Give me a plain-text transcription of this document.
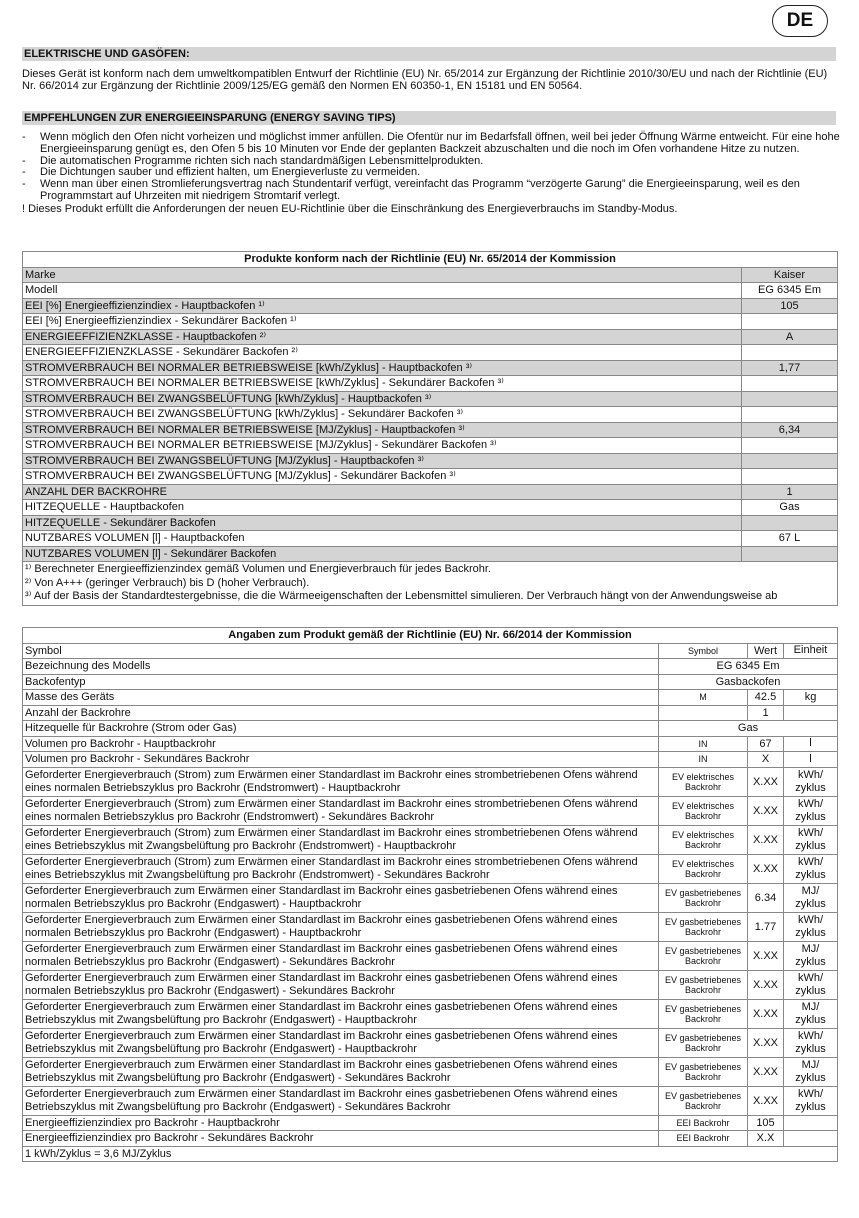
DE
ELEKTRISCHE UND GASÖFEN:
Dieses Gerät ist konform nach dem umweltkompatiblen Entwurf der Richtlinie (EU) Nr. 65/2014 zur Ergänzung der Richtlinie 2010/30/EU und nach der Richtlinie (EU) Nr. 66/2014 zur Ergänzung der Richtlinie 2009/125/EG gemäß den Normen EN 60350-1, EN 15181 und EN 50564.
EMPFEHLUNGEN ZUR ENERGIEEINSPARUNG (ENERGY SAVING TIPS)
-	Wenn möglich den Ofen nicht vorheizen und möglichst immer anfüllen. Die Ofentür nur im Bedarfsfall öffnen, weil bei jeder Öffnung Wärme entweicht. Für eine hohe Energieeinsparung genügt es, den Ofen 5 bis 10 Minuten vor Ende der geplanten Backzeit abzuschalten und die noch im Ofen vorhandene Hitze zu nutzen.
-	Die automatischen Programme richten sich nach standardmäßigen Lebensmittelprodukten.
-	Die Dichtungen sauber und effizient halten, um Energieverluste zu vermeiden.
-	Wenn man über einen Stromlieferungsvertrag nach Stundentarif verfügt, vereinfacht das Programm “verzögerte Garung” die Energieeinsparung, weil es den Programmstart auf Uhrzeiten mit niedrigem Stromtarif verlegt.
! Dieses Produkt erfüllt die Anforderungen der neuen EU-Richtlinie über die Einschränkung des Energieverbrauchs im Standby-Modus.
Produkte konform nach der Richtlinie (EU) Nr. 65/2014 der Kommission	
Marke	Kaiser
Modell	EG 6345 Em
EEI [%] Energieeffizienzindiex - Hauptbackofen ¹⁾	105
EEI [%] Energieeffizienzindiex - Sekundärer Backofen ¹⁾	
ENERGIEEFFIZIENZKLASSE - Hauptbackofen ²⁾	A
ENERGIEEFFIZIENZKLASSE - Sekundärer Backofen ²⁾	
STROMVERBRAUCH BEI NORMALER BETRIEBSWEISE [kWh/Zyklus] - Hauptbackofen ³⁾	1,77
STROMVERBRAUCH BEI NORMALER BETRIEBSWEISE [kWh/Zyklus] - Sekundärer Backofen ³⁾	
STROMVERBRAUCH BEI ZWANGSBELÜFTUNG [kWh/Zyklus] - Hauptbackofen ³⁾	
STROMVERBRAUCH BEI ZWANGSBELÜFTUNG [kWh/Zyklus] - Sekundärer Backofen ³⁾	
STROMVERBRAUCH BEI NORMALER BETRIEBSWEISE [MJ/Zyklus] - Hauptbackofen ³⁾	6,34
STROMVERBRAUCH BEI NORMALER BETRIEBSWEISE [MJ/Zyklus] - Sekundärer Backofen ³⁾	
STROMVERBRAUCH BEI ZWANGSBELÜFTUNG [MJ/Zyklus] - Hauptbackofen ³⁾	
STROMVERBRAUCH BEI ZWANGSBELÜFTUNG [MJ/Zyklus] - Sekundärer Backofen ³⁾	
ANZAHL DER BACKROHRE	1
HITZEQUELLE - Hauptbackofen	Gas
HITZEQUELLE - Sekundärer Backofen	
NUTZBARES VOLUMEN [l] - Hauptbackofen	67 L
NUTZBARES VOLUMEN [l] - Sekundärer Backofen	

¹⁾ Berechneter Energieeffizienzindex gemäß Volumen und Energieverbrauch für jedes Backrohr.
²⁾ Von A+++ (geringer Verbrauch) bis D (hoher Verbrauch).
³⁾ Auf der Basis der Standardtestergebnisse, die die Wärmeeigenschaften der Lebensmittel simulieren. Der Verbrauch hängt von der Anwendungsweise ab	
Angaben zum Produkt gemäß der Richtlinie (EU) Nr. 66/2014 der Kommission			
Symbol	Symbol	Wert	Einheit
Bezeichnung des Modells	EG 6345 Em		
Backofentyp	Gasbackofen		
Masse des Geräts	M	42.5	kg
Anzahl der Backrohre		1	
Hitzequelle für Backrohre (Strom oder Gas)	Gas		
Volumen pro Backrohr - Hauptbackrohr	IN	67	l
Volumen pro Backrohr - Sekundäres Backrohr	IN	X	l
Geforderter Energieverbrauch (Strom) zum Erwärmen einer Standardlast im Backrohr eines strombetriebenen Ofens während eines normalen Betriebszyklus pro Backrohr (Endstromwert) - Hauptbackrohr	EV elektrisches Backrohr	X.XX	kWh/ zyklus
Geforderter Energieverbrauch (Strom) zum Erwärmen einer Standardlast im Backrohr eines strombetriebenen Ofens während eines normalen Betriebszyklus pro Backrohr (Endstromwert) - Sekundäres Backrohr	EV elektrisches Backrohr	X.XX	kWh/ zyklus
Geforderter Energieverbrauch (Strom) zum Erwärmen einer Standardlast im Backrohr eines strombetriebenen Ofens während eines Betriebszyklus mit Zwangsbelüftung pro Backrohr (Endstromwert) - Hauptbackrohr	EV elektrisches Backrohr	X.XX	kWh/ zyklus
Geforderter Energieverbrauch (Strom) zum Erwärmen einer Standardlast im Backrohr eines strombetriebenen Ofens während eines Betriebszyklus mit Zwangsbelüftung pro Backrohr (Endstromwert) - Sekundäres Backrohr	EV elektrisches Backrohr	X.XX	kWh/ zyklus
Geforderter Energieverbrauch zum Erwärmen einer Standardlast im Backrohr eines gasbetriebenen Ofens während eines normalen Betriebszyklus pro Backrohr (Endgaswert) - Hauptbackrohr	EV gasbetriebenes Backrohr	6.34	MJ/ zyklus
Geforderter Energieverbrauch zum Erwärmen einer Standardlast im Backrohr eines gasbetriebenen Ofens während eines normalen Betriebszyklus pro Backrohr (Endgaswert) - Hauptbackrohr	EV gasbetriebenes Backrohr	1.77	kWh/ zyklus
Geforderter Energieverbrauch zum Erwärmen einer Standardlast im Backrohr eines gasbetriebenen Ofens während eines normalen Betriebszyklus pro Backrohr (Endgaswert) - Sekundäres Backrohr	EV gasbetriebenes Backrohr	X.XX	MJ/ zyklus
Geforderter Energieverbrauch zum Erwärmen einer Standardlast im Backrohr eines gasbetriebenen Ofens während eines normalen Betriebszyklus pro Backrohr (Endgaswert) - Sekundäres Backrohr	EV gasbetriebenes Backrohr	X.XX	kWh/ zyklus
Geforderter Energieverbrauch zum Erwärmen einer Standardlast im Backrohr eines gasbetriebenen Ofens während eines Betriebszyklus mit Zwangsbelüftung pro Backrohr (Endgaswert) - Hauptbackrohr	EV gasbetriebenes Backrohr	X.XX	MJ/ zyklus
Geforderter Energieverbrauch zum Erwärmen einer Standardlast im Backrohr eines gasbetriebenen Ofens während eines Betriebszyklus mit Zwangsbelüftung pro Backrohr (Endgaswert) - Hauptbackrohr	EV gasbetriebenes Backrohr	X.XX	kWh/ zyklus
Geforderter Energieverbrauch zum Erwärmen einer Standardlast im Backrohr eines gasbetriebenen Ofens während eines Betriebszyklus mit Zwangsbelüftung pro Backrohr (Endgaswert) - Sekundäres Backrohr	EV gasbetriebenes Backrohr	X.XX	MJ/ zyklus
Geforderter Energieverbrauch zum Erwärmen einer Standardlast im Backrohr eines gasbetriebenen Ofens während eines Betriebszyklus mit Zwangsbelüftung pro Backrohr (Endgaswert) - Sekundäres Backrohr	EV gasbetriebenes Backrohr	X.XX	kWh/ zyklus
Energieeffizienzindiex pro Backrohr - Hauptbackrohr	EEI Backrohr	105	
Energieeffizienzindiex pro Backrohr - Sekundäres Backrohr	EEI Backrohr	X.X	
1 kWh/Zyklus = 3,6 MJ/Zyklus			
